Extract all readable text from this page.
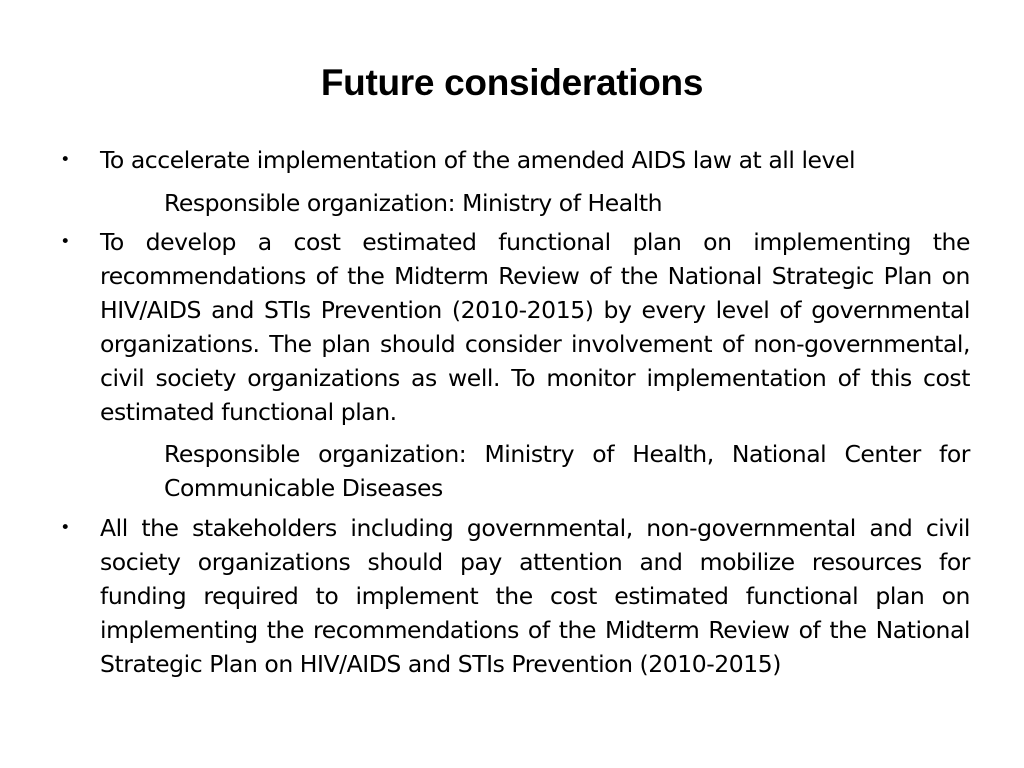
Future considerations
• To accelerate implementation of the amended AIDS law at all level
Responsible organization: Ministry of Health
• To develop a cost estimated functional plan on implementing the recommendations of the Midterm Review of the National Strategic Plan on HIV/AIDS and STIs Prevention (2010-2015) by every level of governmental organizations. The plan should consider involvement of non-governmental, civil society organizations as well. To monitor implementation of this cost estimated functional plan.
Responsible organization: Ministry of Health, National Center for Communicable Diseases
• All the stakeholders including governmental, non-governmental and civil society organizations should pay attention and mobilize resources for funding required to implement the cost estimated functional plan on implementing the recommendations of the Midterm Review of the National Strategic Plan on HIV/AIDS and STIs Prevention (2010-2015)
